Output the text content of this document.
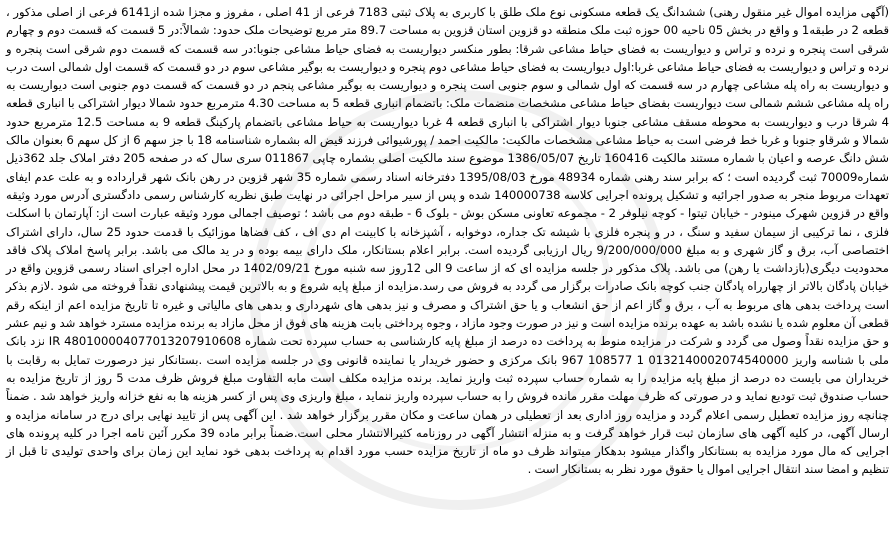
(آگهی مزایده اموال غیر منقول رهنی) ششدانگ یک قطعه مسکونی نوع ملک طلق با کاربری به پلاک ثبتی 7183 فرعی از 41 اصلی ، مفروز و مجزا شده از6141 فرعی از اصلی مذکور ، قطعه 2 در طبقه1 و واقع در بخش 05 ناحیه 00 حوزه ثبت ملک منطقه دو قزوین استان قزوین به مساحت 89.7 متر مربع توضیحات ملک حدود: شمالاً:در 5 قسمت که قسمت دوم و چهارم شرقی است پنجره و نرده و تراس و دیواریست به فضای حیاط مشاعی شرقا: بطور منکسر دیواریست به فضای حیاط مشاعی جنوبا:در سه قسمت که قسمت دوم شرقی است پنجره و نرده و تراس و دیواریست به فضای حیاط مشاعی غربا:اول دیواریست به فضای حیاط مشاعی دوم پنجره و دیواریست به بوگیر مشاعی سوم در دو قسمت که قسمت اول شمالی است درب و دیواریست به راه پله مشاعی چهارم در سه قسمت که اول شمالی و سوم جنوبی است پنجره و دیواریست به بوگیر مشاعی پنجم در دو قسمت که قسمت دوم جنوبی است دیواریست به راه پله مشاعی ششم شمالی ست دیواریست بفضای حیاط مشاعی مشخصات منضمات ملک: باتضمام انباری قطعه 5 به مساحت 4.30 مترمربع حدود شمالا دیوار اشتراکی با انباری قطعه 4 شرقا درب و دیواریست به محوطه مسقف مشاعی جنوبا دیوار اشتراکی با انباری قطعه 4 غربا دیواریست به حیاط مشاعی باتضمام پارکینگ قطعه 9 به مساحت 12.5 مترمربع حدود شمالا و شرقاو جنوبا و غربا خط فرضی است به حیاط مشاعی مشخصات مالکیت: مالکیت احمد / پورشیوائی فرزند قیض اله بشماره شناسنامه 18 با جز سهم 6 از کل سهم 6 بعنوان مالک شش دانگ عرصه و اعیان با شماره مستند مالکیت 160416 تاریخ 1386/05/07 موضوع سند مالکیت اصلی بشماره چاپی 011867 سری سال که در صفحه 205 دفتر املاک جلد 362ذیل شماره70009 ثبت گردیده است ؛ که برابر سند رهنی شماره 48934 مورخ 1395/08/03 دفترخانه اسناد رسمی شماره 35 شهر قزوین در رهن بانک شهر قرارداده و به علت عدم ایفای تعهدات مربوط منجر به صدور اجرائیه و تشکیل پرونده اجرایی کلاسه 140000738 شده و پس از سیر مراحل اجرائی در نهایت طبق نظریه کارشناس رسمی دادگستری آدرس مورد وثیقه واقع در قزوین شهرک مینودر - خیابان تیتوا - کوچه نیلوفر 2 - مجموعه تعاونی مسکن بوش - بلوک 6 - طبقه دوم می باشد ؛ توصیف اجمالی مورد وثیقه عبارت است از: آپارتمان با اسکلت فلزی ، نما ترکیبی از سیمان سفید و سنگ ، در و پنجره فلزی با شیشه تک جداره، دوخوابه ، آشپزخانه با کابینت ام دی اف ، کف فضاها موزائیک با قدمت حدود 25 سال، دارای اشتراک اختصاصی آب، برق و گاز شهری و به مبلغ 9/200/000/000 ریال ارزیابی گردیده است. برابر اعلام بستانکار، ملک دارای بیمه بوده و در ید مالک می باشد. برابر پاسخ املاک پلاک فاقد محدودیت دیگری(بازداشت یا رهن) می باشد. پلاک مذکور در جلسه مزایده ای که از ساعت 9 الی 12روز سه شنبه مورخ 1402/09/21 در محل اداره اجرای اسناد رسمی قزوین واقع در خیابان پادگان بالاتر از چهارراه پادگان جنب کوچه بانک صادرات برگزار می گردد به فروش می رسد.مزایده از مبلغ پایه شروع و به بالاترین قیمت پیشنهادی نقداً فروخته می شود .لازم بذکر است پرداخت بدهی های مربوط به آب ، برق و گاز اعم از حق انشعاب و یا حق اشتراک و مصرف و نیز بدهی های شهرداری و بدهی های مالیاتی و غیره تا تاریخ مزایده اعم از اینکه رقم قطعی آن معلوم شده یا نشده باشد به عهده برنده مزایده است و نیز در صورت وجود مازاد ، وجوه پرداختی بابت هزینه های فوق از محل مازاد به برنده مزایده مسترد خواهد شد و نیم عشر و حق مزایده نقداً وصول می گردد و شرکت در مزایده منوط به پرداخت ده درصد از مبلغ پایه کارشناسی به حساب سپرده تحت شماره IR 480100004077013207910608 نزد بانک ملی با شناسه واریز 0132140002074540000 1 108577 967 بانک مرکزی و حضور خریدار یا نماینده قانونی وی در جلسه مزایده است .بستانکار نیز درصورت تمایل به رقابت با خریداران می بایست ده درصد از مبلغ پایه مزایده را به شماره حساب سپرده ثبت واریز نماید. برنده مزایده مکلف است مابه التفاوت مبلغ فروش ظرف مدت 5 روز از تاریخ مزایده به حساب صندوق ثبت تودیع نماید و در صورتی که ظرف مهلت مقرر مانده فروش را به حساب سپرده واریز ننماید ، مبلغ واریزی وی پس از کسر هزینه ها به نفع خزانه واریز خواهد شد . ضمناً چنانچه روز مزایده تعطیل رسمی اعلام گردد و مزایده روز اداری بعد از تعطیلی در همان ساعت و مکان مقرر برگزار خواهد شد . این آگهی پس از تایید نهایی برای درج در سامانه مزایده و ارسال آگهی، در کلیه آگهی های سازمان ثبت قرار خواهد گرفت و به منزله انتشار آگهی در روزنامه کثیرالانتشار محلی است.ضمناً برابر ماده 39 مکرر آئین نامه اجرا در کلیه پرونده های اجرایی که مال مورد مزایده به بستانکار واگذار میشود بدهکار میتواند ظرف دو ماه از تاریخ مزایده حسب مورد اقدام به پرداخت بدهی خود نماید این زمان برای واحدی تولیدی تا قبل از تنظیم و امضا سند انتقال اجرایی اموال یا حقوق مورد نظر به بستانکار است .
